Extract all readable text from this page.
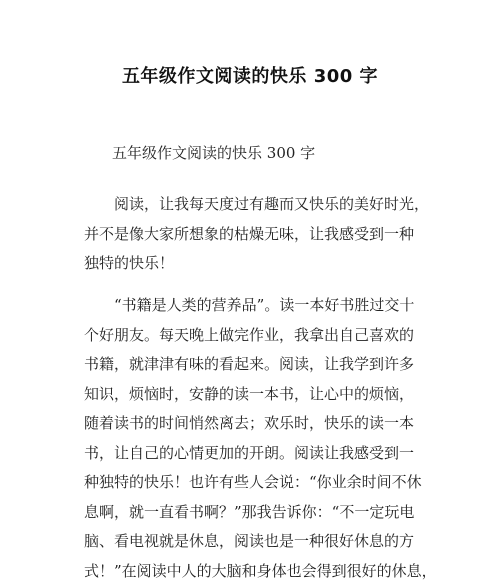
五年级作文阅读的快乐 300 字
五年级作文阅读的快乐 300 字
　　阅读，让我每天度过有趣而又快乐的美好时光，
并不是像大家所想象的枯燥无味，让我感受到一种
独特的快乐！
　　“书籍是人类的营养品”。读一本好书胜过交十
个好朋友。每天晚上做完作业，我拿出自己喜欢的
书籍，就津津有味的看起来。阅读，让我学到许多
知识，烦恼时，安静的读一本书，让心中的烦恼，
随着读书的时间悄然离去；欢乐时，快乐的读一本
书，让自己的心情更加的开朗。阅读让我感受到一
种独特的快乐！也许有些人会说：“你业余时间不休
息啊，就一直看书啊？”那我告诉你：“不一定玩电
脑、看电视就是休息，阅读也是一种很好休息的方
式！”在阅读中人的大脑和身体也会得到很好的休息，
